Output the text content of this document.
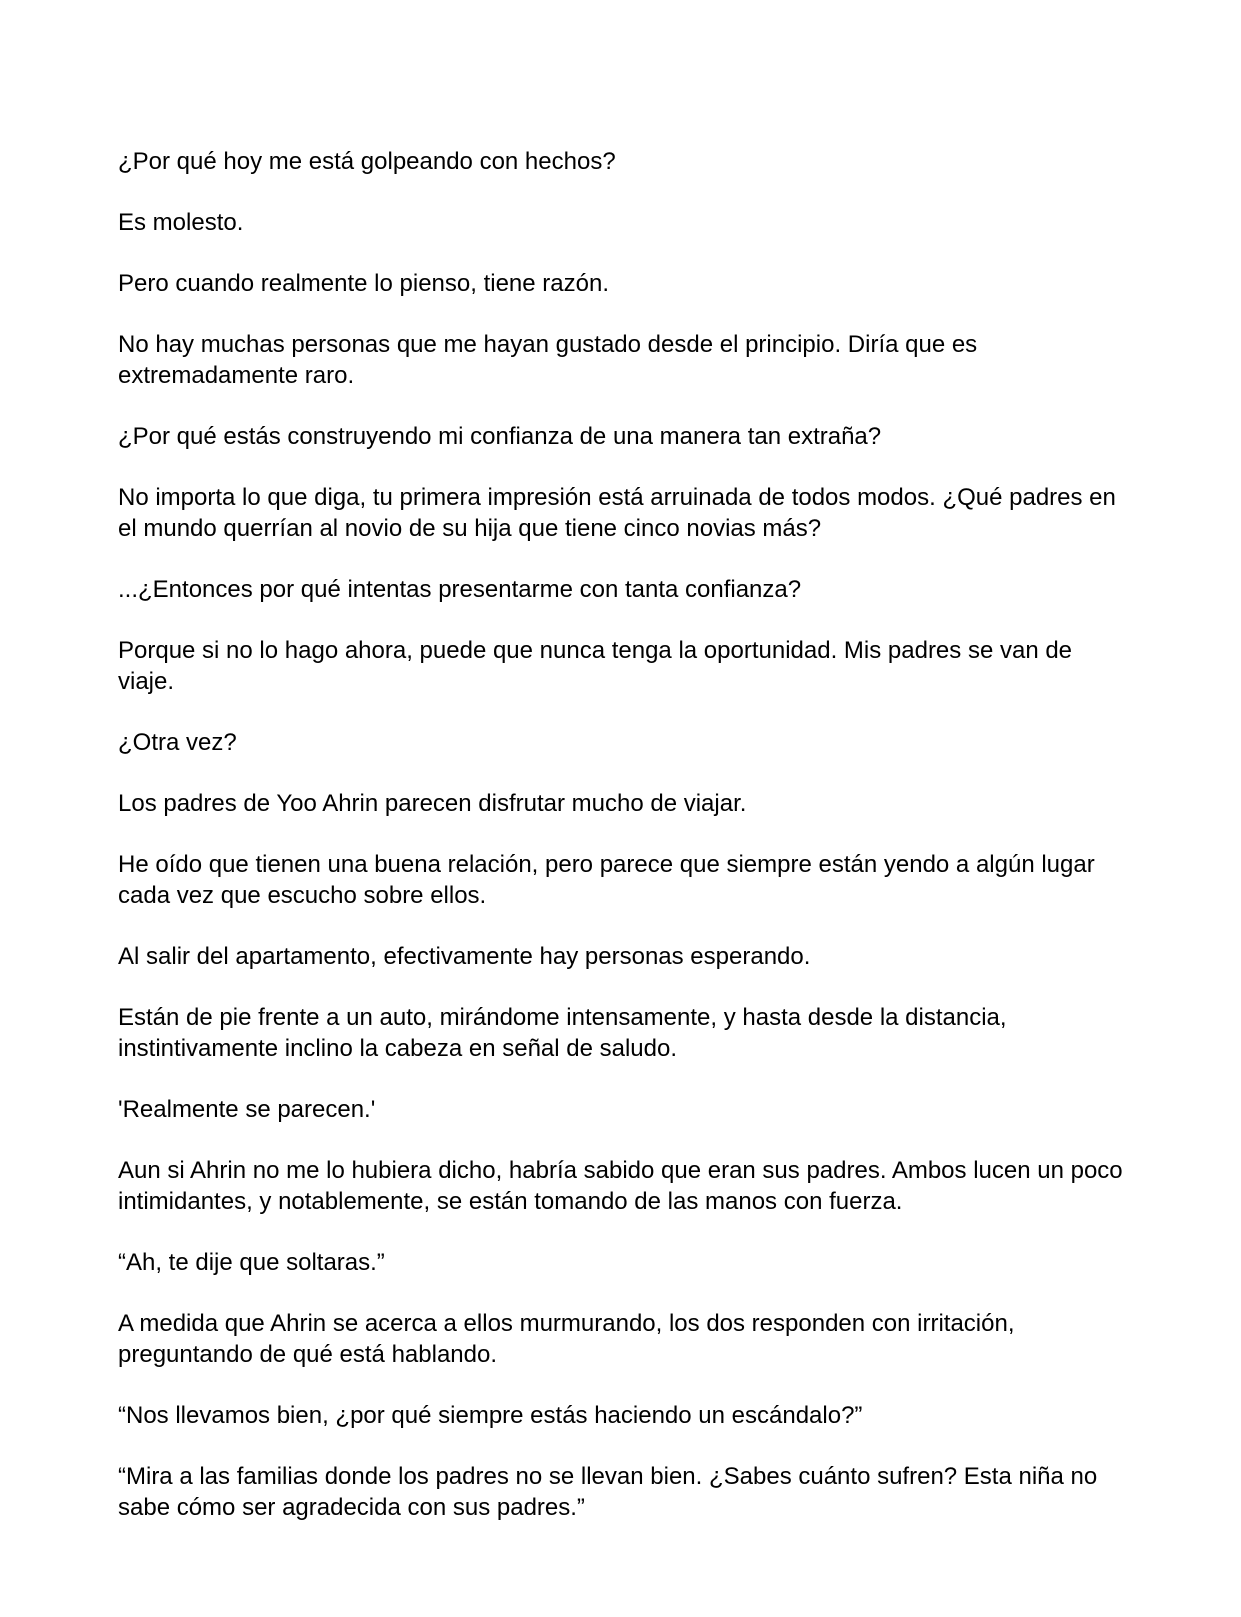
¿Por qué hoy me está golpeando con hechos?

Es molesto.

Pero cuando realmente lo pienso, tiene razón.

No hay muchas personas que me hayan gustado desde el principio. Diría que es extremadamente raro.

¿Por qué estás construyendo mi confianza de una manera tan extraña?

No importa lo que diga, tu primera impresión está arruinada de todos modos. ¿Qué padres en el mundo querrían al novio de su hija que tiene cinco novias más?

...¿Entonces por qué intentas presentarme con tanta confianza?

Porque si no lo hago ahora, puede que nunca tenga la oportunidad. Mis padres se van de viaje.

¿Otra vez?

Los padres de Yoo Ahrin parecen disfrutar mucho de viajar.

He oído que tienen una buena relación, pero parece que siempre están yendo a algún lugar cada vez que escucho sobre ellos.

Al salir del apartamento, efectivamente hay personas esperando.

Están de pie frente a un auto, mirándome intensamente, y hasta desde la distancia, instintivamente inclino la cabeza en señal de saludo.

'Realmente se parecen.'

Aun si Ahrin no me lo hubiera dicho, habría sabido que eran sus padres. Ambos lucen un poco intimidantes, y notablemente, se están tomando de las manos con fuerza.

“Ah, te dije que soltaras.”

A medida que Ahrin se acerca a ellos murmurando, los dos responden con irritación, preguntando de qué está hablando.

“Nos llevamos bien, ¿por qué siempre estás haciendo un escándalo?”

“Mira a las familias donde los padres no se llevan bien. ¿Sabes cuánto sufren? Esta niña no sabe cómo ser agradecida con sus padres.”
